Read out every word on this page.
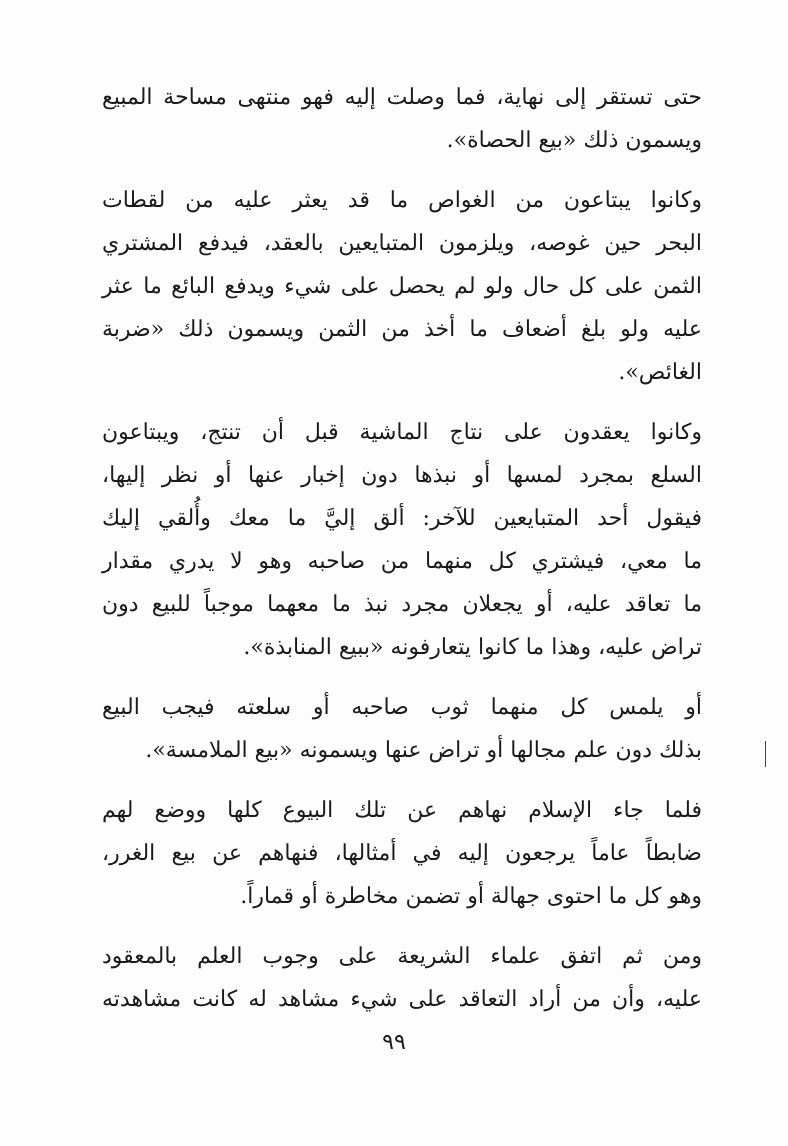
حتى تستقر إلى نهاية، فما وصلت إليه فهو منتهى مساحة المبيع
ويسمون ذلك «بيع الحصاة».

وكانوا يبتاعون من الغواص ما قد يعثر عليه من لقطات
البحر حين غوصه، ويلزمون المتبايعين بالعقد، فيدفع المشتري
الثمن على كل حال ولو لم يحصل على شيء ويدفع البائع ما عثر
عليه ولو بلغ أضعاف ما أخذ من الثمن ويسمون ذلك «ضربة
الغائص».

وكانوا يعقدون على نتاج الماشية قبل أن تنتج، ويبتاعون
السلع بمجرد لمسها أو نبذها دون إخبار عنها أو نظر إليها،
فيقول أحد المتبايعين للآخر: ألق إليَّ ما معك وأُلقي إليك
ما معي، فيشتري كل منهما من صاحبه وهو لا يدري مقدار
ما تعاقد عليه، أو يجعلان مجرد نبذ ما معهما موجباً للبيع دون
تراض عليه، وهذا ما كانوا يتعارفونه «ببيع المنابذة».

أو يلمس كل منهما ثوب صاحبه أو سلعته فيجب البيع
بذلك دون علم مجالها أو تراض عنها ويسمونه «بيع الملامسة».

فلما جاء الإسلام نهاهم عن تلك البيوع كلها ووضع لهم
ضابطاً عاماً يرجعون إليه في أمثالها، فنهاهم عن بيع الغرر،
وهو كل ما احتوى جهالة أو تضمن مخاطرة أو قماراً.

ومن ثم اتفق علماء الشريعة على وجوب العلم بالمعقود
عليه، وأن من أراد التعاقد على شيء مشاهد له كانت مشاهدته

٩٩
